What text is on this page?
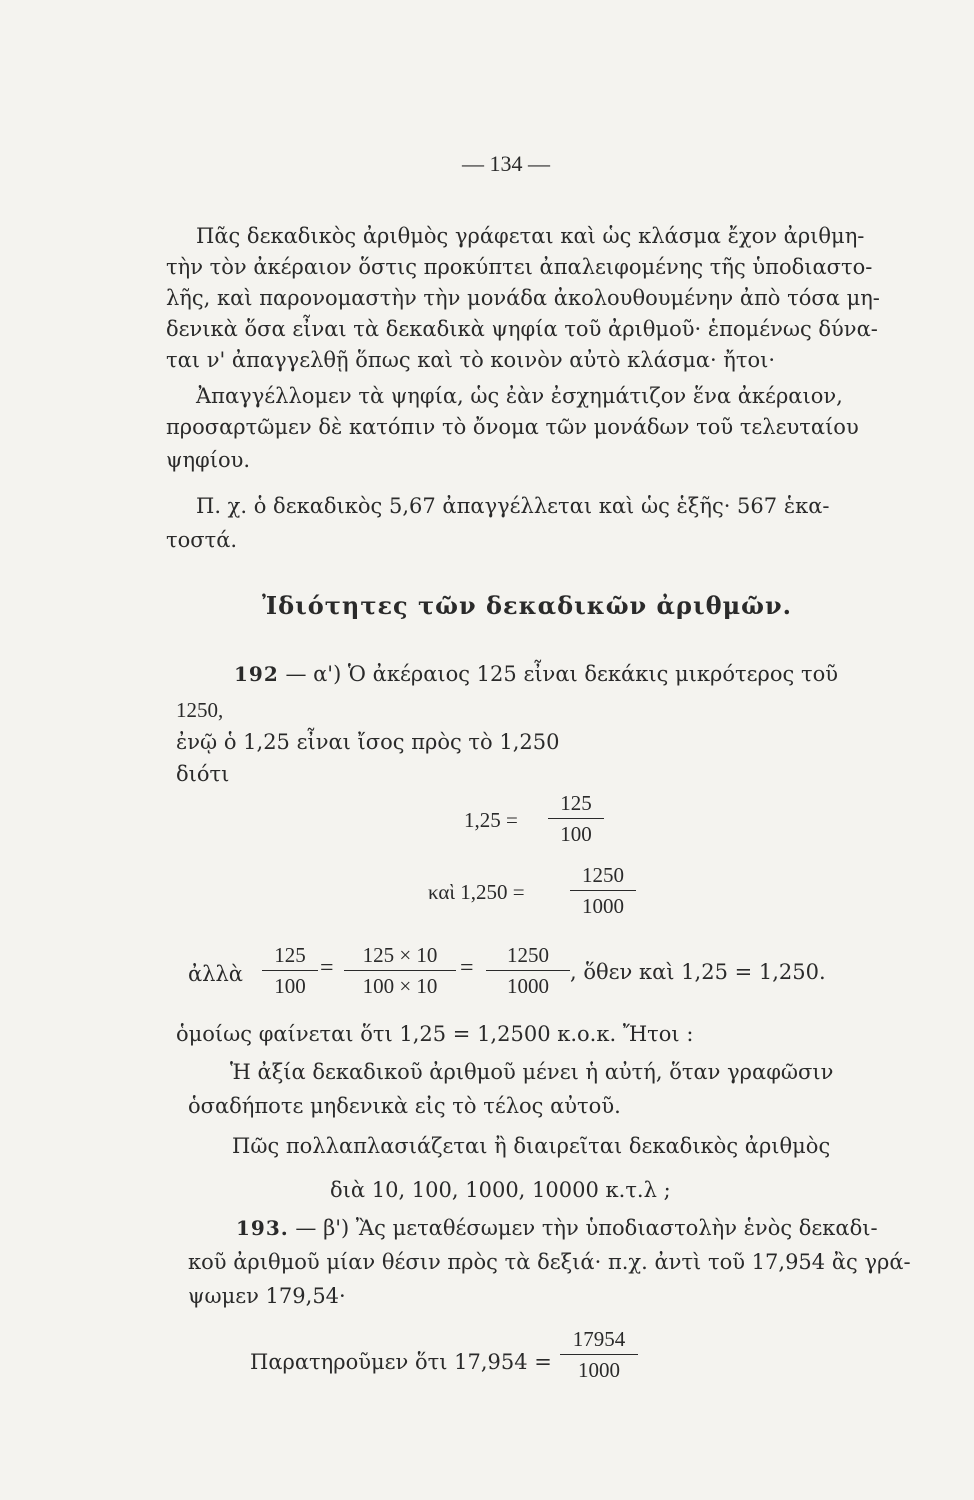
— 134 —
Πᾶς δεκαδικὸς ἀριθμὸς γράφεται καὶ ὡς κλάσμα ἔχον ἀριθμη-
τὴν τὸν ἀκέραιον ὅστις προκύπτει ἀπαλειφομένης τῆς ὑποδιαστο-
λῆς, καὶ παρονομαστὴν τὴν μονάδα ἀκολουθουμένην ἀπὸ τόσα μη-
δενικὰ ὅσα εἶναι τὰ δεκαδικὰ ψηφία τοῦ ἀριθμοῦ· ἑπομένως δύνα-
ται ν' ἀπαγγελθῇ ὅπως καὶ τὸ κοινὸν αὐτὸ κλάσμα· ἤτοι·
Ἀπαγγέλλομεν τὰ ψηφία, ὡς ἐὰν ἐσχημάτιζον ἕνα ἀκέραιον,
προσαρτῶμεν δὲ κατόπιν τὸ ὄνομα τῶν μονάδων τοῦ τελευταίου
ψηφίου.
Π. χ. ὁ δεκαδικὸς 5,67 ἀπαγγέλλεται καὶ ὡς ἑξῆς· 567 ἑκα-
τοστά.
Ἰδιότητες τῶν δεκαδικῶν ἀριθμῶν.
192 — α') Ὁ ἀκέραιος 125 εἶναι δεκάκις μικρότερος τοῦ
1250,
ἐνῷ ὁ 1,25 εἶναι ἴσος πρὸς τὸ 1,250
διότι
1,25 =
125
100
καὶ 1,250 =
1250
1000
ἀλλὰ
125
100
=	125 × 10
100 × 10
=	1250
1000
, ὅθεν καὶ 1,25 = 1,250.
ὁμοίως φαίνεται ὅτι 1,25 = 1,2500 κ.ο.κ. Ἤτοι :
Ἡ ἀξία δεκαδικοῦ ἀριθμοῦ μένει ἡ αὐτή, ὅταν γραφῶσιν
ὁσαδήποτε μηδενικὰ εἰς τὸ τέλος αὐτοῦ.
Πῶς πολλαπλασιάζεται ἢ διαιρεῖται δεκαδικὸς ἀριθμὸς
διὰ 10, 100, 1000, 10000 κ.τ.λ ;
193. — β') Ἂς μεταθέσωμεν τὴν ὑποδιαστολὴν ἑνὸς δεκαδι-
κοῦ ἀριθμοῦ μίαν θέσιν πρὸς τὰ δεξιά· π.χ. ἀντὶ τοῦ 17,954 ἂς γρά-
ψωμεν 179,54·
Παρατηροῦμεν ὅτι 17,954 =
17954
1000
